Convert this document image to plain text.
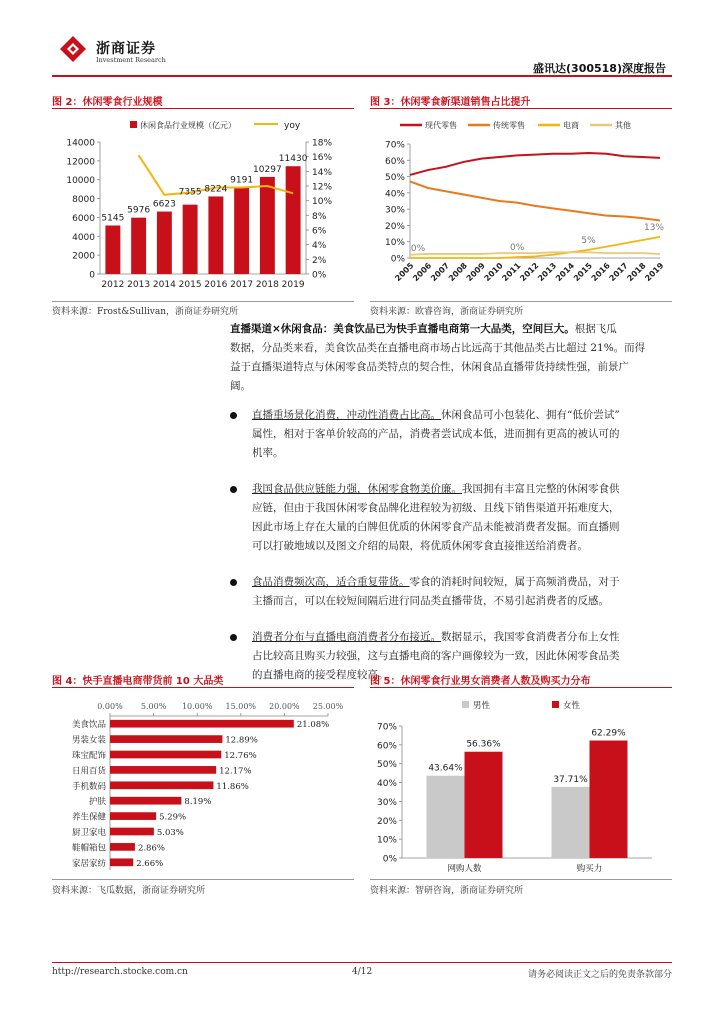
浙商证券
Investment Research
盛讯达(300518)深度报告
图 2：休闲零食行业规模
休闲食品行业规模（亿元）	yoy
0
2000
4000
6000
8000
10000
12000
14000
0%
2%
4%
6%
8%
10%
12%
14%
16%
18%
2012 2013 2014 2015 2016 2017 2018 2019
5145
5976
6623
7355 8224
9191
10297
11430
资料来源：Frost&Sullivan，浙商证券研究所
图 3：休闲零食新渠道销售占比提升
现代零售	传统零售	电商	其他
0%
10%
20%
30%
40%
50%
60%
70%
2005
2006
2007
2008
2009
2010
2011
2012
2013
2014
2015
2016
2017
2018
2019
0%	0%
5%
13%
资料来源：欧睿咨询，浙商证券研究所
直播渠道×休闲食品：美食饮品已为快手直播电商第一大品类，空间巨大。根据飞瓜
数据，分品类来看，美食饮品类在直播电商市场占比远高于其他品类占比超过 21%。而得
益于直播渠道特点与休闲零食品类特点的契合性，休闲食品直播带货持续性强，前景广
阔。
直播重场景化消费，冲动性消费占比高。休闲食品可小包装化、拥有“低价尝试”
属性，相对于客单价较高的产品，消费者尝试成本低，进而拥有更高的被认可的
机率。
我国食品供应链能力强，休闲零食物美价廉。我国拥有丰富且完整的休闲零食供
应链，但由于我国休闲零食品牌化进程较为初级、且线下销售渠道开拓难度大，
因此市场上存在大量的白牌但优质的休闲零食产品未能被消费者发掘。而直播则
可以打破地域以及图文介绍的局限，将优质休闲零食直接推送给消费者。
食品消费频次高，适合重复带货。零食的消耗时间较短，属于高频消费品，对于
主播而言，可以在较短间隔后进行同品类直播带货，不易引起消费者的反感。
消费者分布与直播电商消费者分布接近。数据显示，我国零食消费者分布上女性
占比较高且购买力较强，这与直播电商的客户画像较为一致，因此休闲零食品类
的直播电商的接受程度较高。
图 4：快手直播电商带货前 10 大品类
0.00% 5.00% 10.00% 15.00% 20.00% 25.00%
美食饮品	21.08%
男装女装	12.89%
珠宝配饰	12.76%
日用百货	12.17%
手机数码	11.86%
护肤	8.19%
养生保健	5.29%
厨卫家电	5.03%
鞋帽箱包	2.86%
家居家纺	2.66%
资料来源：飞瓜数据，浙商证券研究所
图 5：休闲零食行业男女消费者人数及购买力分布
男性	女性
0%
10%
20%
30%
40%
50%
60%
70%
43.64%
56.36%
网购人数
37.71%
62.29%
购买力
资料来源：智研咨询，浙商证券研究所
http://research.stocke.com.cn	4/12	请务必阅读正文之后的免责条款部分
